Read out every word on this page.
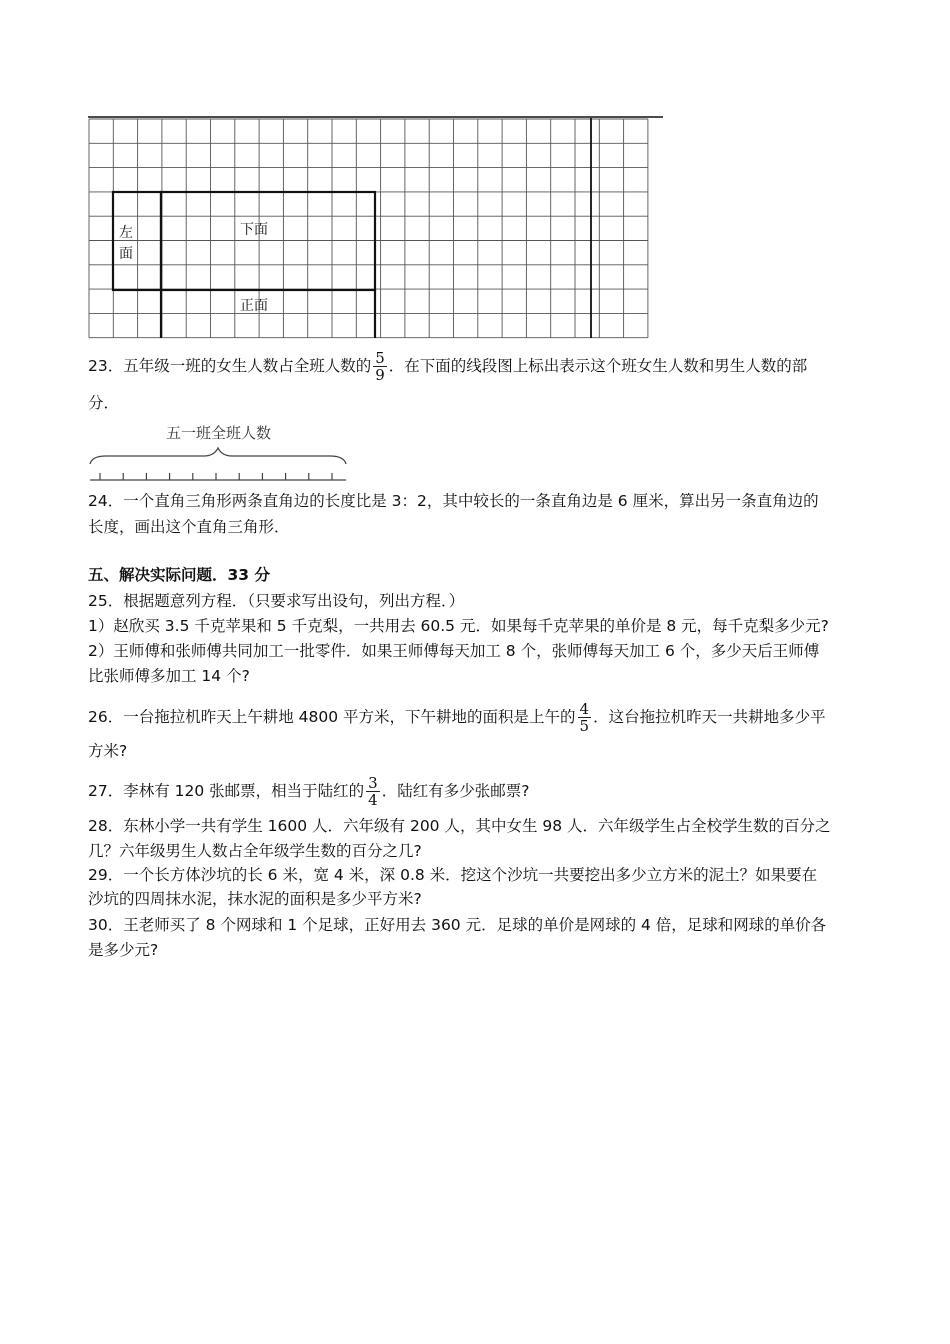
左
面
下面
正面
23．五年级一班的女生人数占全班人数的 $\frac{5}{9}$ ．在下面的线段图上标出表示这个班女生人数和男生人数的部
分．
五一班全班人数
24．一个直角三角形两条直角边的长度比是 3：2，其中较长的一条直角边是 6 厘米，算出另一条直角边的
长度，画出这个直角三角形．
五、解决实际问题．33 分
25．根据题意列方程．（只要求写出设句，列出方程．）
1）赵欣买 3.5 千克苹果和 5 千克梨，一共用去 60.5 元．如果每千克苹果的单价是 8 元，每千克梨多少元?
2）王师傅和张师傅共同加工一批零件．如果王师傅每天加工 8 个，张师傅每天加工 6 个，多少天后王师傅
比张师傅多加工 14 个?
26．一台拖拉机昨天上午耕地 4800 平方米，下午耕地的面积是上午的 $\frac{4}{5}$ ．这台拖拉机昨天一共耕地多少平
方米?
27．李林有 120 张邮票，相当于陆红的 $\frac{3}{4}$ ．陆红有多少张邮票?
28．东林小学一共有学生 1600 人．六年级有 200 人，其中女生 98 人．六年级学生占全校学生数的百分之
几？六年级男生人数占全年级学生数的百分之几?
29．一个长方体沙坑的长 6 米，宽 4 米，深 0.8 米．挖这个沙坑一共要挖出多少立方米的泥土？如果要在
沙坑的四周抹水泥，抹水泥的面积是多少平方米?
30．王老师买了 8 个网球和 1 个足球，正好用去 360 元．足球的单价是网球的 4 倍，足球和网球的单价各
是多少元?
